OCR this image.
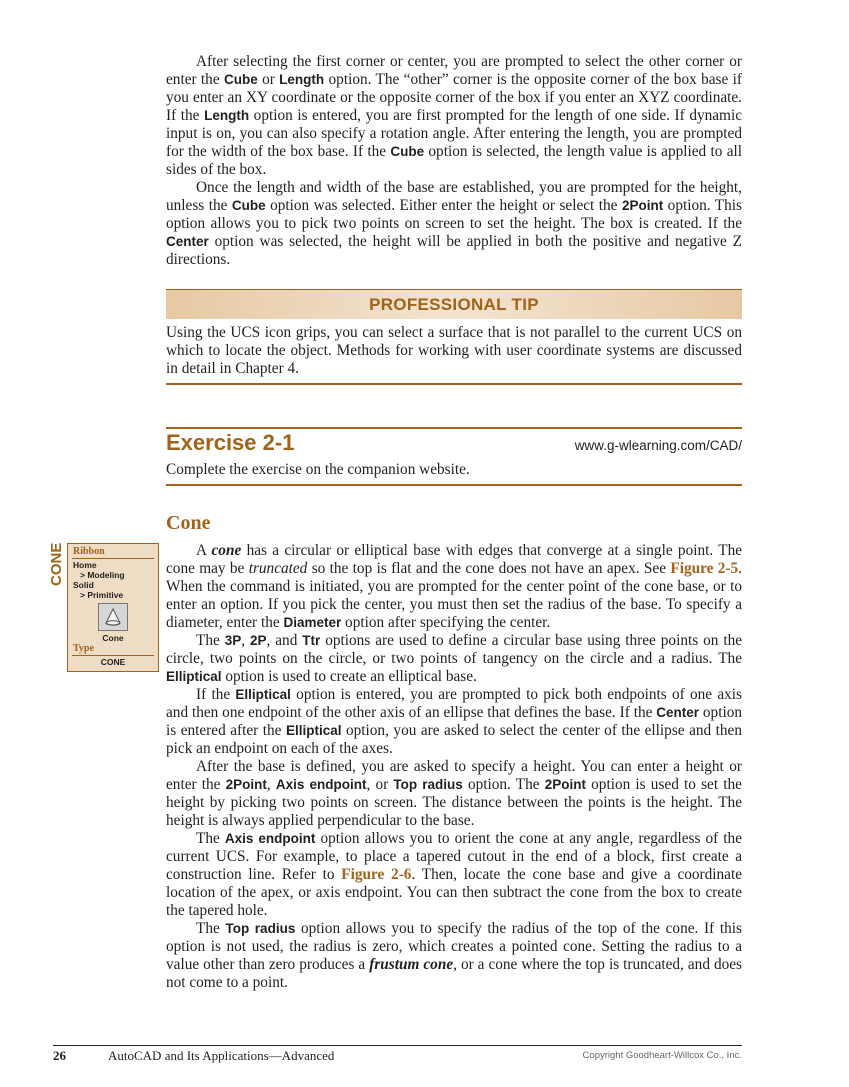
After selecting the first corner or center, you are prompted to select the other corner or enter the Cube or Length option. The “other” corner is the opposite corner of the box base if you enter an XY coordinate or the opposite corner of the box if you enter an XYZ coordinate. If the Length option is entered, you are first prompted for the length of one side. If dynamic input is on, you can also specify a rotation angle. After entering the length, you are prompted for the width of the box base. If the Cube option is selected, the length value is applied to all sides of the box.

Once the length and width of the base are established, you are prompted for the height, unless the Cube option was selected. Either enter the height or select the 2Point option. This option allows you to pick two points on screen to set the height. The box is created. If the Center option was selected, the height will be applied in both the positive and negative Z directions.

PROFESSIONAL TIP

Using the UCS icon grips, you can select a surface that is not parallel to the current UCS on which to locate the object. Methods for working with user coordinate systems are discussed in detail in Chapter 4.

Exercise 2-1	www.g-wlearning.com/CAD/

Complete the exercise on the companion website.

Cone
CONE Ribbon
Home
> Modeling
Solid
> Primitive
Cone
Type
CONE

A cone has a circular or elliptical base with edges that converge at a single point. The cone may be truncated so the top is flat and the cone does not have an apex. See Figure 2-5. When the command is initiated, you are prompted for the center point of the cone base, or to enter an option. If you pick the center, you must then set the radius of the base. To specify a diameter, enter the Diameter option after specifying the center.

The 3P, 2P, and Ttr options are used to define a circular base using three points on the circle, two points on the circle, or two points of tangency on the circle and a radius. The Elliptical option is used to create an elliptical base.

If the Elliptical option is entered, you are prompted to pick both endpoints of one axis and then one endpoint of the other axis of an ellipse that defines the base. If the Center option is entered after the Elliptical option, you are asked to select the center of the ellipse and then pick an endpoint on each of the axes.

After the base is defined, you are asked to specify a height. You can enter a height or enter the 2Point, Axis endpoint, or Top radius option. The 2Point option is used to set the height by picking two points on screen. The distance between the points is the height. The height is always applied perpendicular to the base.

The Axis endpoint option allows you to orient the cone at any angle, regardless of the current UCS. For example, to place a tapered cutout in the end of a block, first create a construction line. Refer to Figure 2-6. Then, locate the cone base and give a coordinate location of the apex, or axis endpoint. You can then subtract the cone from the box to create the tapered hole.

The Top radius option allows you to specify the radius of the top of the cone. If this option is not used, the radius is zero, which creates a pointed cone. Setting the radius to a value other than zero produces a frustum cone, or a cone where the top is truncated, and does not come to a point.

26	AutoCAD and Its Applications—Advanced	Copyright Goodheart-Willcox Co., Inc.
